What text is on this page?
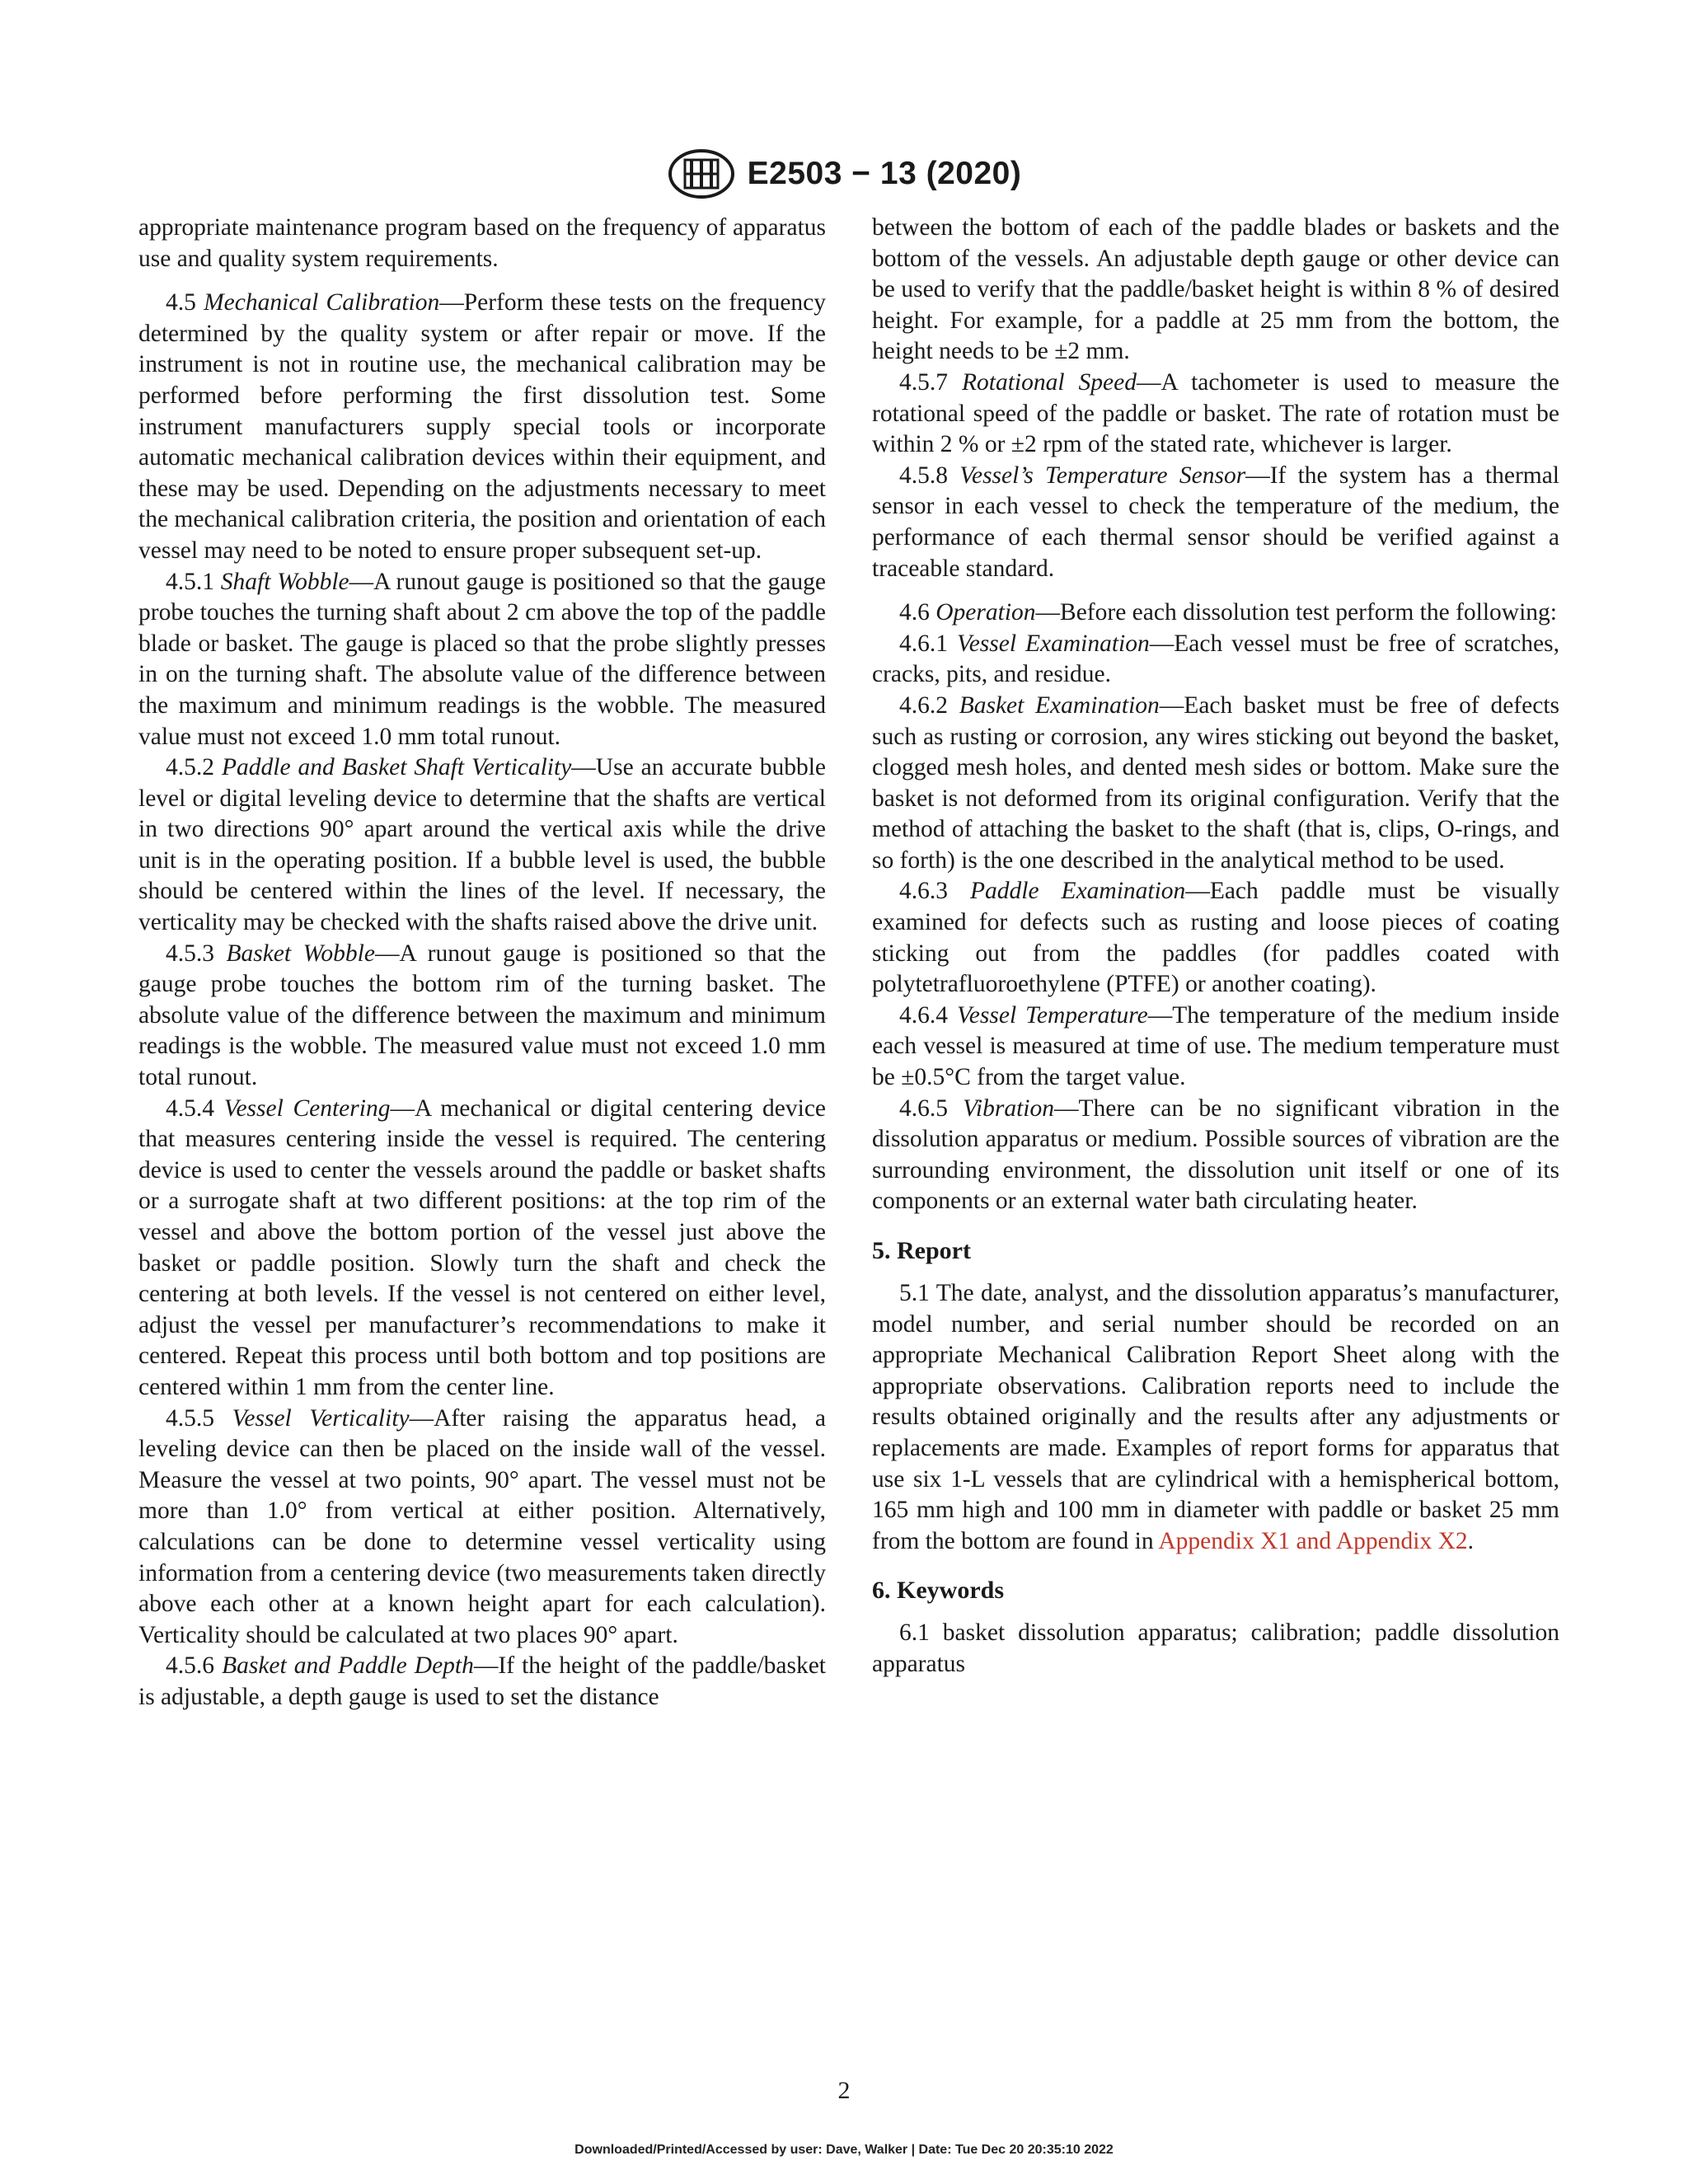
E2503 − 13 (2020)

appropriate maintenance program based on the frequency of apparatus use and quality system requirements.

4.5 Mechanical Calibration—Perform these tests on the frequency determined by the quality system or after repair or move. If the instrument is not in routine use, the mechanical calibration may be performed before performing the first dissolution test. Some instrument manufacturers supply special tools or incorporate automatic mechanical calibration devices within their equipment, and these may be used. Depending on the adjustments necessary to meet the mechanical calibration criteria, the position and orientation of each vessel may need to be noted to ensure proper subsequent set-up.

4.5.1 Shaft Wobble—A runout gauge is positioned so that the gauge probe touches the turning shaft about 2 cm above the top of the paddle blade or basket. The gauge is placed so that the probe slightly presses in on the turning shaft. The absolute value of the difference between the maximum and minimum readings is the wobble. The measured value must not exceed 1.0 mm total runout.

4.5.2 Paddle and Basket Shaft Verticality—Use an accurate bubble level or digital leveling device to determine that the shafts are vertical in two directions 90° apart around the vertical axis while the drive unit is in the operating position. If a bubble level is used, the bubble should be centered within the lines of the level. If necessary, the verticality may be checked with the shafts raised above the drive unit.

4.5.3 Basket Wobble—A runout gauge is positioned so that the gauge probe touches the bottom rim of the turning basket. The absolute value of the difference between the maximum and minimum readings is the wobble. The measured value must not exceed 1.0 mm total runout.

4.5.4 Vessel Centering—A mechanical or digital centering device that measures centering inside the vessel is required. The centering device is used to center the vessels around the paddle or basket shafts or a surrogate shaft at two different positions: at the top rim of the vessel and above the bottom portion of the vessel just above the basket or paddle position. Slowly turn the shaft and check the centering at both levels. If the vessel is not centered on either level, adjust the vessel per manufacturer’s recommendations to make it centered. Repeat this process until both bottom and top positions are centered within 1 mm from the center line.

4.5.5 Vessel Verticality—After raising the apparatus head, a leveling device can then be placed on the inside wall of the vessel. Measure the vessel at two points, 90° apart. The vessel must not be more than 1.0° from vertical at either position. Alternatively, calculations can be done to determine vessel verticality using information from a centering device (two measurements taken directly above each other at a known height apart for each calculation). Verticality should be calculated at two places 90° apart.

4.5.6 Basket and Paddle Depth—If the height of the paddle/basket is adjustable, a depth gauge is used to set the distance

between the bottom of each of the paddle blades or baskets and the bottom of the vessels. An adjustable depth gauge or other device can be used to verify that the paddle/basket height is within 8 % of desired height. For example, for a paddle at 25 mm from the bottom, the height needs to be ±2 mm.

4.5.7 Rotational Speed—A tachometer is used to measure the rotational speed of the paddle or basket. The rate of rotation must be within 2 % or ±2 rpm of the stated rate, whichever is larger.

4.5.8 Vessel’s Temperature Sensor—If the system has a thermal sensor in each vessel to check the temperature of the medium, the performance of each thermal sensor should be verified against a traceable standard.

4.6 Operation—Before each dissolution test perform the following:

4.6.1 Vessel Examination—Each vessel must be free of scratches, cracks, pits, and residue.

4.6.2 Basket Examination—Each basket must be free of defects such as rusting or corrosion, any wires sticking out beyond the basket, clogged mesh holes, and dented mesh sides or bottom. Make sure the basket is not deformed from its original configuration. Verify that the method of attaching the basket to the shaft (that is, clips, O-rings, and so forth) is the one described in the analytical method to be used.

4.6.3 Paddle Examination—Each paddle must be visually examined for defects such as rusting and loose pieces of coating sticking out from the paddles (for paddles coated with polytetrafluoroethylene (PTFE) or another coating).

4.6.4 Vessel Temperature—The temperature of the medium inside each vessel is measured at time of use. The medium temperature must be ±0.5°C from the target value.

4.6.5 Vibration—There can be no significant vibration in the dissolution apparatus or medium. Possible sources of vibration are the surrounding environment, the dissolution unit itself or one of its components or an external water bath circulating heater.

5. Report

5.1 The date, analyst, and the dissolution apparatus’s manufacturer, model number, and serial number should be recorded on an appropriate Mechanical Calibration Report Sheet along with the appropriate observations. Calibration reports need to include the results obtained originally and the results after any adjustments or replacements are made. Examples of report forms for apparatus that use six 1-L vessels that are cylindrical with a hemispherical bottom, 165 mm high and 100 mm in diameter with paddle or basket 25 mm from the bottom are found in Appendix X1 and Appendix X2.

6. Keywords

6.1 basket dissolution apparatus; calibration; paddle dissolution apparatus

2
Downloaded/Printed/Accessed by user: Dave, Walker | Date: Tue Dec 20 20:35:10 2022
